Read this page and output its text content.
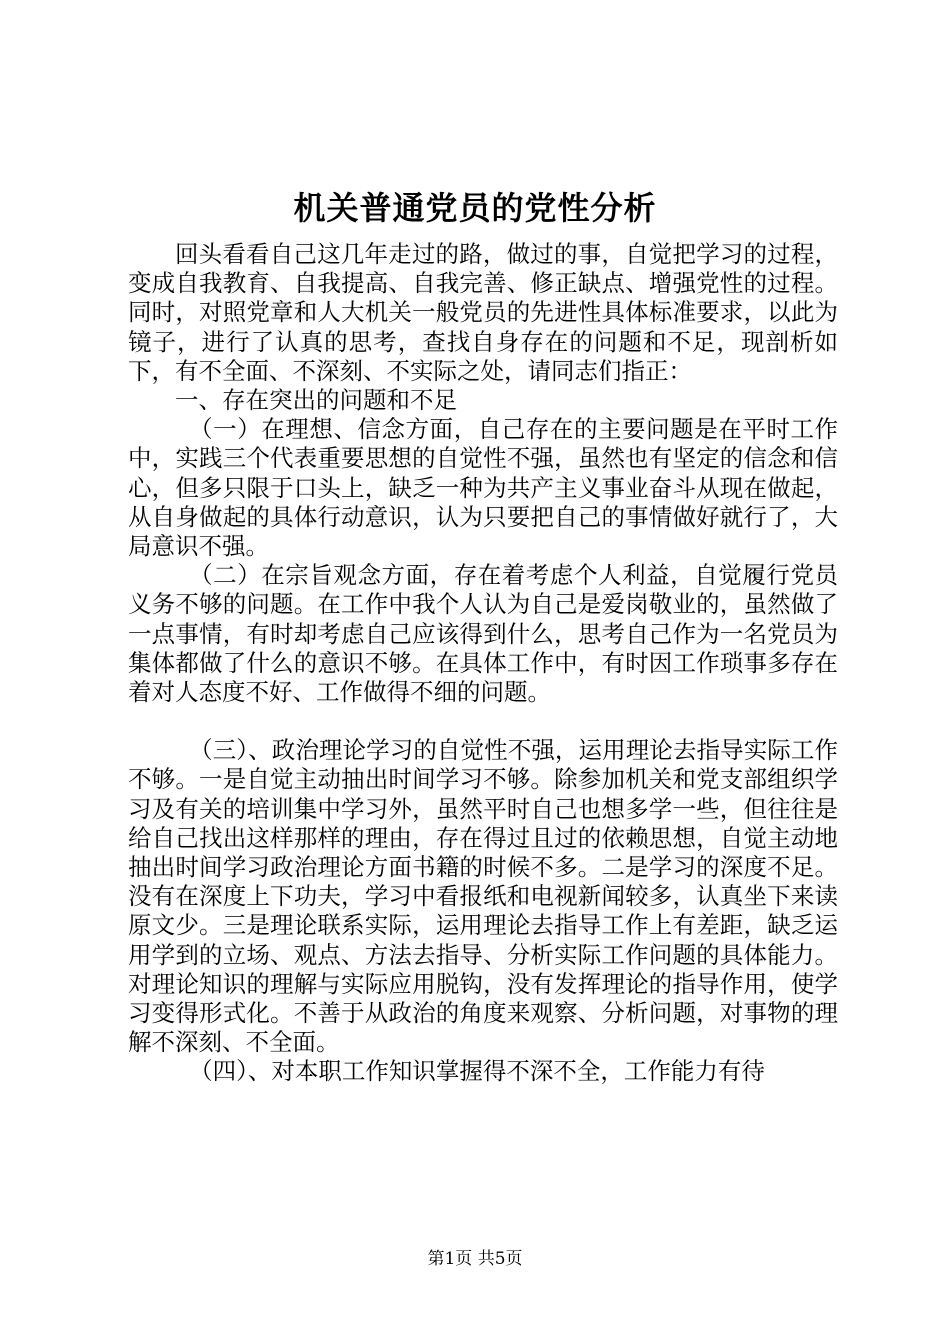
机关普通党员的党性分析

回头看看自己这几年走过的路，做过的事，自觉把学习的过程，变成自我教育、自我提高、自我完善、修正缺点、增强党性的过程。同时，对照党章和人大机关一般党员的先进性具体标准要求，以此为镜子，进行了认真的思考，查找自身存在的问题和不足，现剖析如下，有不全面、不深刻、不实际之处，请同志们指正：

一、存在突出的问题和不足

（一）在理想、信念方面，自己存在的主要问题是在平时工作中，实践三个代表重要思想的自觉性不强，虽然也有坚定的信念和信心，但多只限于口头上，缺乏一种为共产主义事业奋斗从现在做起，从自身做起的具体行动意识，认为只要把自己的事情做好就行了，大局意识不强。

（二）在宗旨观念方面，存在着考虑个人利益，自觉履行党员义务不够的问题。在工作中我个人认为自己是爱岗敬业的，虽然做了一点事情，有时却考虑自己应该得到什么，思考自己作为一名党员为集体都做了什么的意识不够。在具体工作中，有时因工作琐事多存在着对人态度不好、工作做得不细的问题。

（三）、政治理论学习的自觉性不强，运用理论去指导实际工作不够。一是自觉主动抽出时间学习不够。除参加机关和党支部组织学习及有关的培训集中学习外，虽然平时自己也想多学一些，但往往是给自己找出这样那样的理由，存在得过且过的依赖思想，自觉主动地抽出时间学习政治理论方面书籍的时候不多。二是学习的深度不足。没有在深度上下功夫，学习中看报纸和电视新闻较多，认真坐下来读原文少。三是理论联系实际，运用理论去指导工作上有差距，缺乏运用学到的立场、观点、方法去指导、分析实际工作问题的具体能力。对理论知识的理解与实际应用脱钩，没有发挥理论的指导作用，使学习变得形式化。不善于从政治的角度来观察、分析问题，对事物的理解不深刻、不全面。

（四）、对本职工作知识掌握得不深不全，工作能力有待

第1页 共5页
